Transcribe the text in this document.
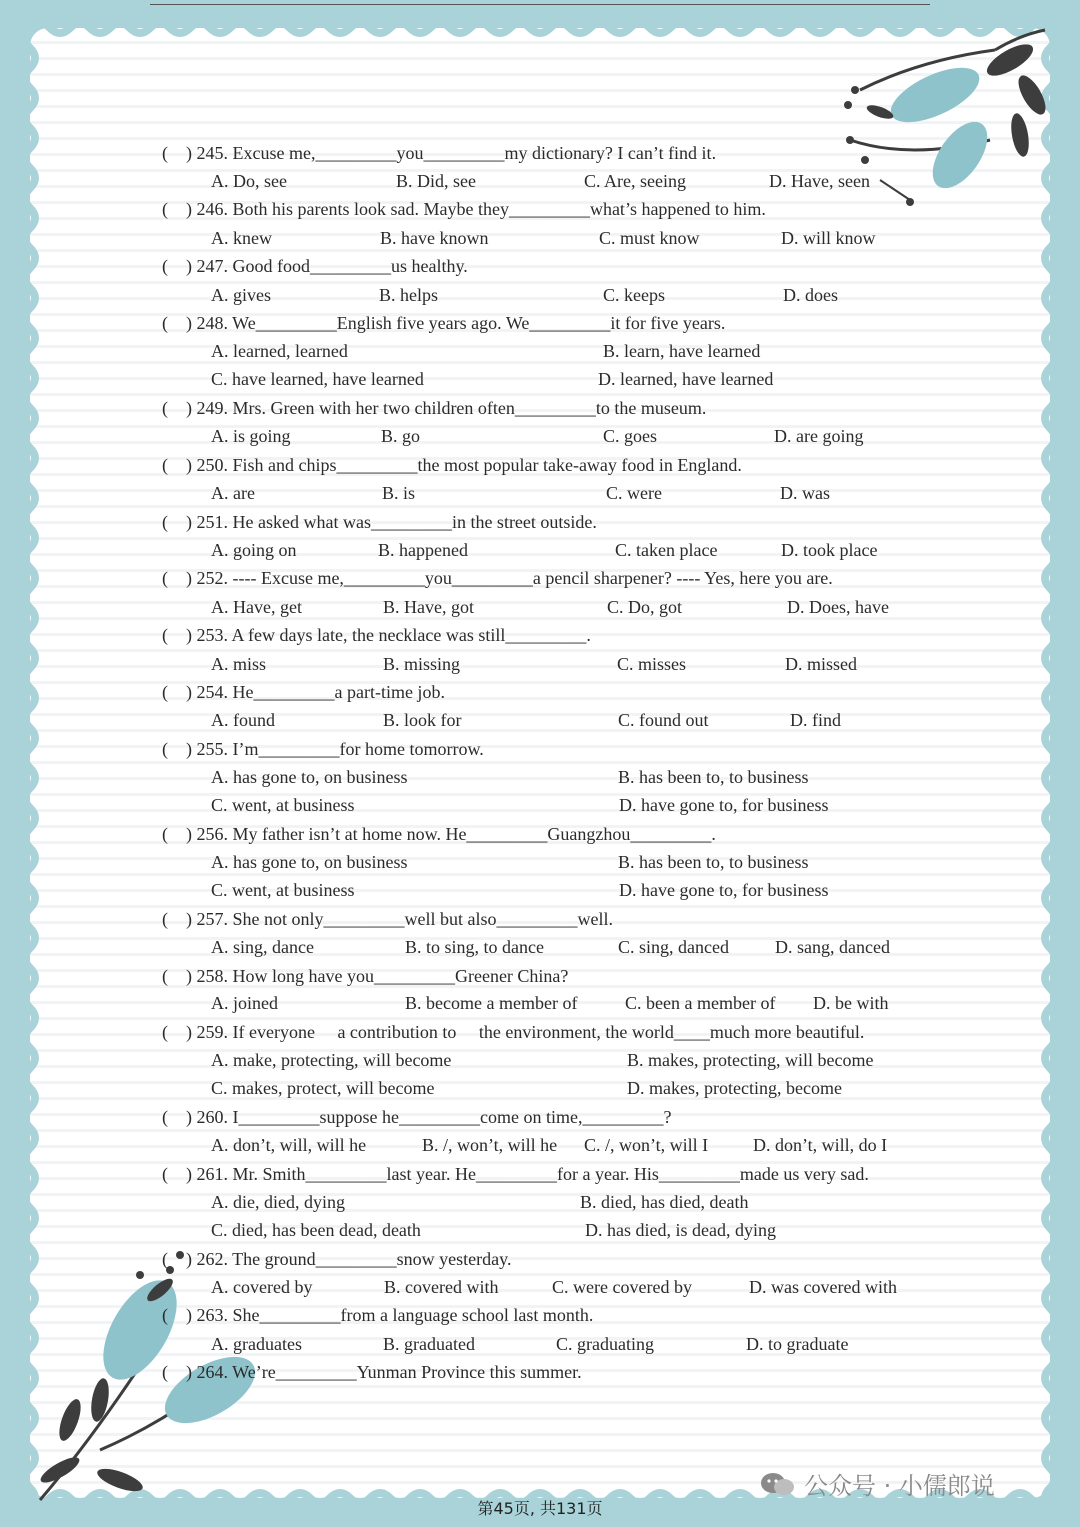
(    ) 245. Excuse me,_________you_________my dictionary? I can’t find it.
A. Do, see	B. Did, see	C. Are, seeing	D. Have, seen
(    ) 246. Both his parents look sad. Maybe they_________what’s happened to him.
A. knew	B. have known	C. must know	D. will know
(    ) 247. Good food_________us healthy.
A. gives	B. helps	C. keeps	D. does
(    ) 248. We_________English five years ago. We_________it for five years.
A. learned, learned	B. learn, have learned
C. have learned, have learned	D. learned, have learned
(    ) 249. Mrs. Green with her two children often_________to the museum.
A. is going	B. go	C. goes	D. are going
(    ) 250. Fish and chips_________the most popular take-away food in England.
A. are	B. is	C. were	D. was
(    ) 251. He asked what was_________in the street outside.
A. going on	B. happened	C. taken place	D. took place
(    ) 252. ---- Excuse me,_________you_________a pencil sharpener? ---- Yes, here you are.
A. Have, get	B. Have, got	C. Do, got	D. Does, have
(    ) 253. A few days late, the necklace was still_________.
A. miss	B. missing	C. misses	D. missed
(    ) 254. He_________a part-time job.
A. found	B. look for	C. found out	D. find
(    ) 255. I’m_________for home tomorrow.
A. has gone to, on business	B. has been to, to business
C. went, at business	D. have gone to, for business
(    ) 256. My father isn’t at home now. He_________Guangzhou_________.
A. has gone to, on business	B. has been to, to business
C. went, at business	D. have gone to, for business
(    ) 257. She not only_________well but also_________well.
A. sing, dance	B. to sing, to dance	C. sing, danced	D. sang, danced
(    ) 258. How long have you_________Greener China?
A. joined	B. become a member of	C. been a member of D. be with
(    ) 259. If everyone     a contribution to     the environment, the world____much more beautiful.
A. make, protecting, will become	B. makes, protecting, will become
C. makes, protect, will become	D. makes, protecting, become
(    ) 260. I_________suppose he_________come on time,_________?
A. don’t, will, will he	B. /, won’t, will he C. /, won’t, will I D. don’t, will, do I
(    ) 261. Mr. Smith_________last year. He_________for a year. His_________made us very sad.
A. die, died, dying	B. died, has died, death
C. died, has been dead, death	D. has died, is dead, dying
(    ) 262. The ground_________snow yesterday.
A. covered by	B. covered with	C. were covered by	D. was covered with
(    ) 263. She_________from a language school last month.
A. graduates	B. graduated	C. graduating	D. to graduate
(    ) 264. We’re_________Yunman Province this summer.
公众号 · 小儒郎说
第45页, 共131页
